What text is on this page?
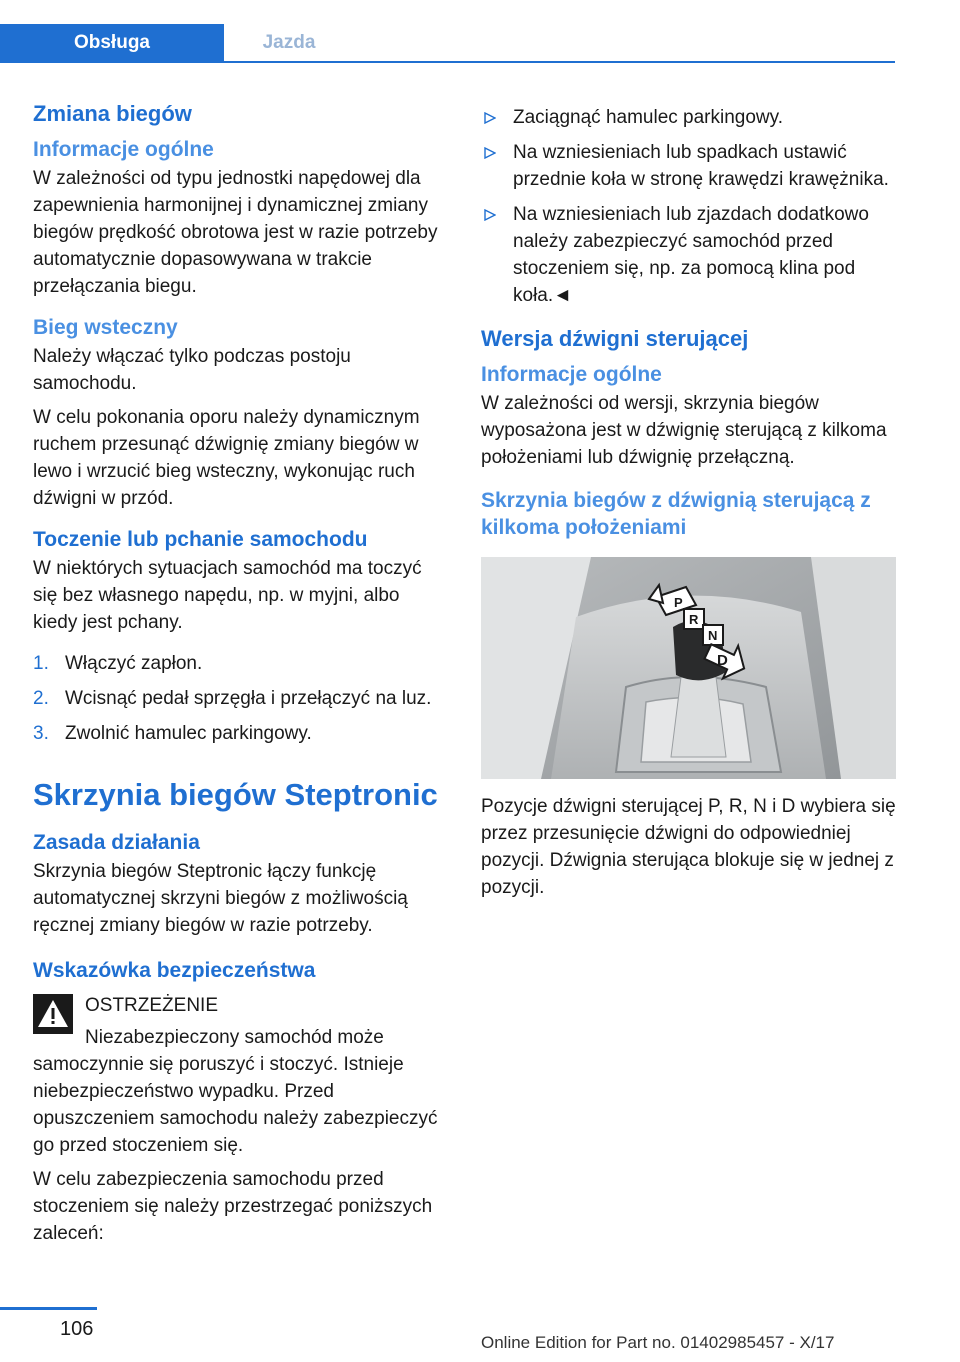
Obsługa	Jazda
Zmiana biegów
Informacje ogólne

W zależności od typu jednostki napędowej dla zapewnienia harmonijnej i dynamicznej zmiany biegów prędkość obrotowa jest w razie potrzeby automatycznie dopasowywana w trakcie przełączania biegu.

Bieg wsteczny

Należy włączać tylko podczas postoju samochodu.

W celu pokonania oporu należy dynamicznym ruchem przesunąć dźwignię zmiany biegów w lewo i wrzucić bieg wsteczny, wykonując ruch dźwigni w przód.

Toczenie lub pchanie samochodu

W niektórych sytuacjach samochód ma toczyć się bez własnego napędu, np. w myjni, albo kiedy jest pchany.

1. Włączyć zapłon.
2. Wcisnąć pedał sprzęgła i przełączyć na luz.
3. Zwolnić hamulec parkingowy.
Skrzynia biegów Steptronic
Zasada działania

Skrzynia biegów Steptronic łączy funkcję automatycznej skrzyni biegów z możliwością ręcznej zmiany biegów w razie potrzeby.

Wskazówka bezpieczeństwa
OSTRZEŻENIE

Niezabezpieczony samochód może samoczynnie się poruszyć i stoczyć. Istnieje niebezpieczeństwo wypadku. Przed opuszczeniem samochodu należy zabezpieczyć go przed stoczeniem się.

W celu zabezpieczenia samochodu przed stoczeniem się należy przestrzegać poniższych zaleceń:

Zaciągnąć hamulec parkingowy.
Na wzniesieniach lub spadkach ustawić przednie koła w stronę krawędzi krawężnika.
Na wzniesieniach lub zjazdach dodatkowo należy zabezpieczyć samochód przed stoczeniem się, np. za pomocą klina pod koła.◄
Wersja dźwigni sterującej
Informacje ogólne

W zależności od wersji, skrzynia biegów wyposażona jest w dźwignię sterującą z kilkoma położeniami lub dźwignię przełączną.

Skrzynia biegów z dźwignią sterującą z kilkoma położeniami
P
R
N
D

Pozycje dźwigni sterującej P, R, N i D wybiera się przez przesunięcie dźwigni do odpowiedniej pozycji. Dźwignia sterująca blokuje się w jednej z pozycji.

106
Online Edition for Part no. 01402985457 - X/17
